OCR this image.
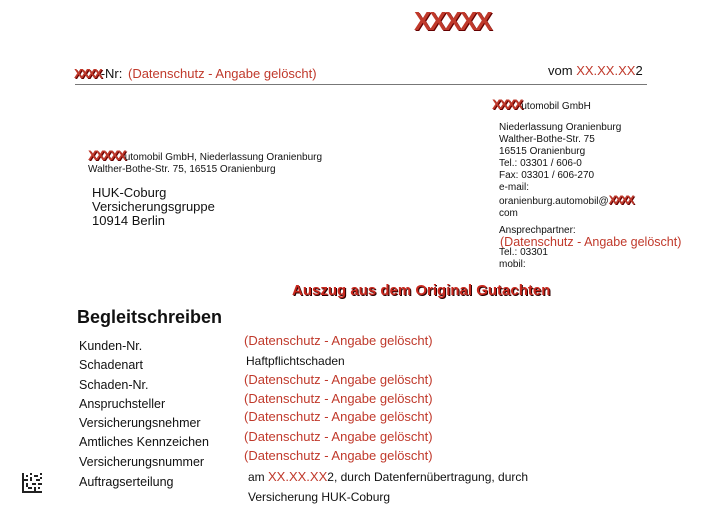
XXXXX
XXXX-Nr: (Datenschutz - Angabe gelöscht)	vom XX.XX.XX2
XXXXutomobil GmbH
Niederlassung Oranienburg
Walther-Bothe-Str. 75
16515 Oranienburg
Tel.: 03301 / 606-0
Fax: 03301 / 606-270
e-mail:
oranienburg.automobil@XXXX
com
Ansprechpartner:
(Datenschutz - Angabe gelöscht)
Tel.: 03301
mobil:
XXXXXutomobil GmbH, Niederlassung Oranienburg
Walther-Bothe-Str. 75, 16515 Oranienburg
HUK-Coburg
Versicherungsgruppe
10914 Berlin
Auszug aus dem Original Gutachten
Begleitschreiben
Kunden-Nr.	(Datenschutz - Angabe gelöscht)
Schadenart	Haftpflichtschaden
Schaden-Nr.	(Datenschutz - Angabe gelöscht)
Anspruchsteller	(Datenschutz - Angabe gelöscht)
Versicherungsnehmer	(Datenschutz - Angabe gelöscht)
Amtliches Kennzeichen	(Datenschutz - Angabe gelöscht)
Versicherungsnummer	(Datenschutz - Angabe gelöscht)
Auftragserteilung	am XX.XX.XX2, durch Datenfernübertragung, durch
Versicherung HUK-Coburg
